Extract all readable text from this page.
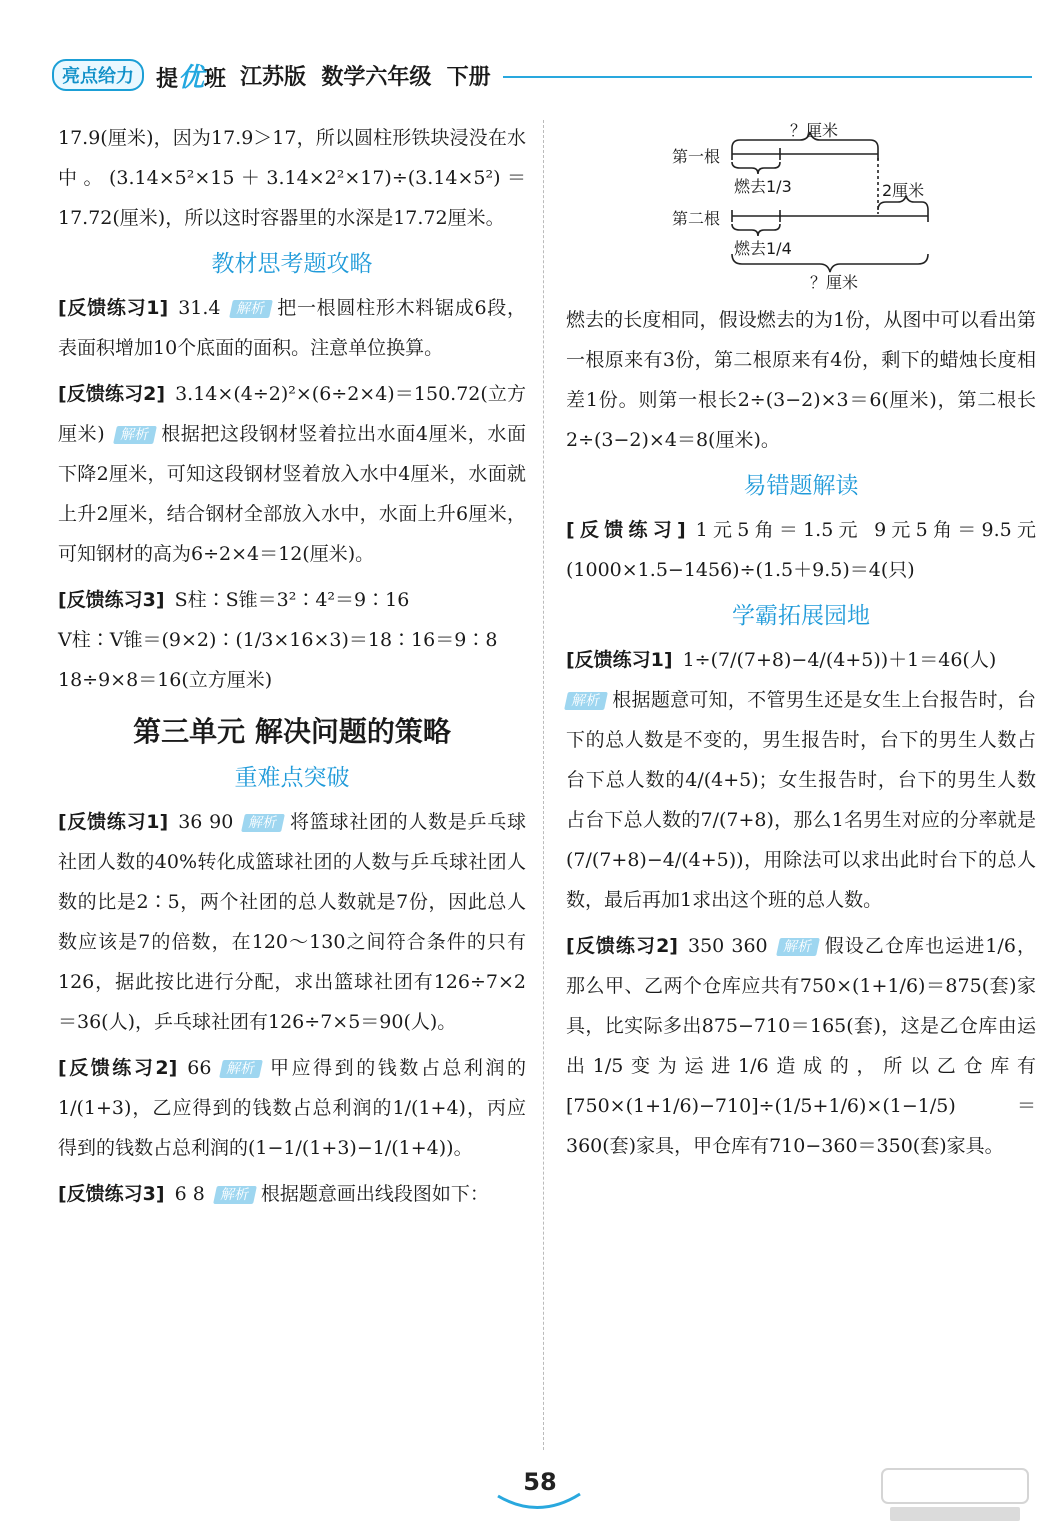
亮点给力	提优班 江苏版  数学六年级  下册

17.9(厘米)，因为17.9＞17，所以圆柱形铁块浸没在水中。(3.14×5²×15＋3.14×2²×17)÷(3.14×5²)＝17.72(厘米)，所以这时容器里的水深是17.72厘米。

教材思考题攻略

[反馈练习1] 31.4 解析 把一根圆柱形木料锯成6段，表面积增加10个底面的面积。注意单位换算。

[反馈练习2] 3.14×(4÷2)²×(6÷2×4)＝150.72(立方厘米) 解析 根据把这段钢材竖着拉出水面4厘米，水面下降2厘米，可知这段钢材竖着放入水中4厘米，水面就上升2厘米，结合钢材全部放入水中，水面上升6厘米，可知钢材的高为6÷2×4＝12(厘米)。

[反馈练习3] S柱∶S锥＝3²∶4²＝9∶16

V柱∶V锥＝(9×2)∶(1/3×16×3)＝18∶16＝9∶8

18÷9×8＝16(立方厘米)

第三单元 解决问题的策略
重难点突破

[反馈练习1] 36 90 解析 将篮球社团的人数是乒乓球社团人数的40%转化成篮球社团的人数与乒乓球社团人数的比是2∶5，两个社团的总人数就是7份，因此总人数应该是7的倍数，在120～130之间符合条件的只有126，据此按比进行分配，求出篮球社团有126÷7×2＝36(人)，乒乓球社团有126÷7×5＝90(人)。

[反馈练习2] 66 解析 甲应得到的钱数占总利润的1/(1+3)，乙应得到的钱数占总利润的1/(1+4)，丙应得到的钱数占总利润的(1−1/(1+3)−1/(1+4))。

[反馈练习3] 6 8 解析 根据题意画出线段图如下：

？厘米
第一根
燃去1/3	2厘米
第二根
燃去1/4
？厘米

燃去的长度相同，假设燃去的为1份，从图中可以看出第一根原来有3份，第二根原来有4份，剩下的蜡烛长度相差1份。则第一根长2÷(3−2)×3＝6(厘米)，第二根长2÷(3−2)×4＝8(厘米)。

易错题解读

[反馈练习] 1元5角＝1.5元 9元5角＝9.5元 (1000×1.5−1456)÷(1.5＋9.5)＝4(只)

学霸拓展园地

[反馈练习1] 1÷(7/(7+8)−4/(4+5))＋1＝46(人)

解析 根据题意可知，不管男生还是女生上台报告时，台下的总人数是不变的，男生报告时，台下的男生人数占台下总人数的4/(4+5)；女生报告时，台下的男生人数占台下总人数的7/(7+8)，那么1名男生对应的分率就是(7/(7+8)−4/(4+5))，用除法可以求出此时台下的总人数，最后再加1求出这个班的总人数。

[反馈练习2] 350 360 解析 假设乙仓库也运进1/6，那么甲、乙两个仓库应共有750×(1+1/6)＝875(套)家具，比实际多出875−710＝165(套)，这是乙仓库由运出1/5变为运进1/6造成的，所以乙仓库有[750×(1+1/6)−710]÷(1/5+1/6)×(1−1/5)＝360(套)家具，甲仓库有710−360＝350(套)家具。

58
